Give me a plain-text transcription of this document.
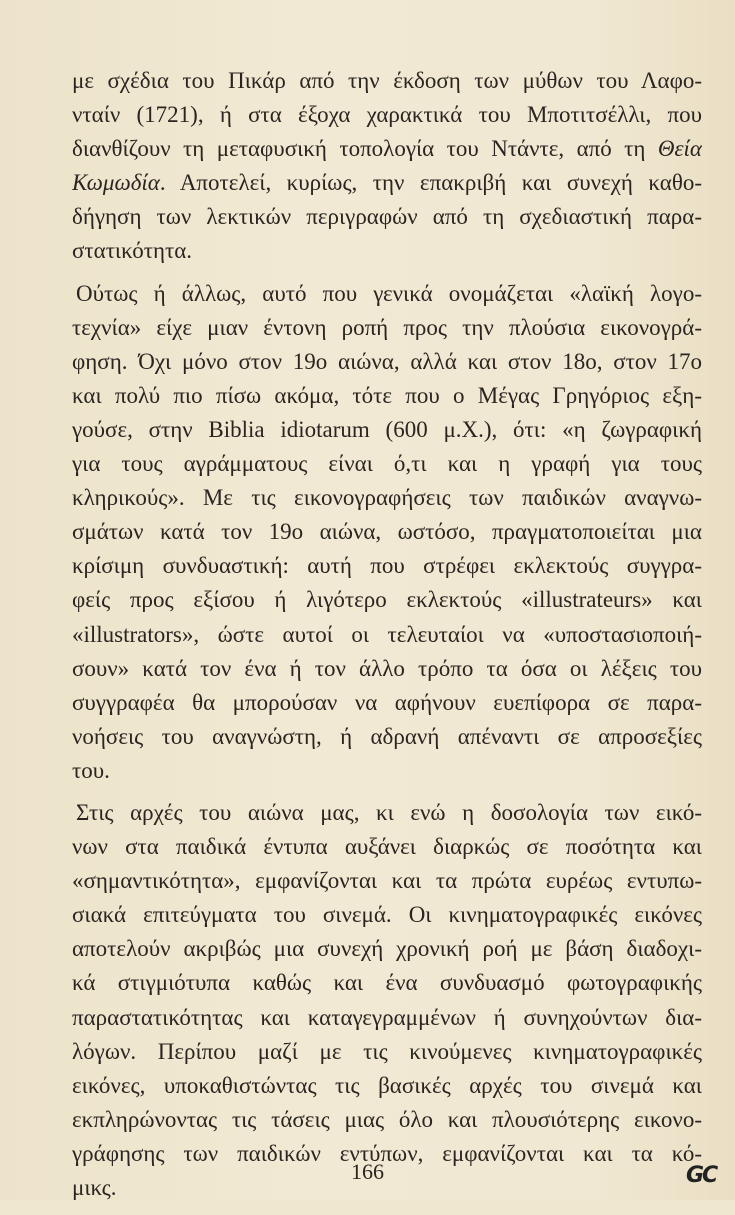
με σχέδια του Πικάρ από την έκδοση των μύθων του Λαφο-
νταίν (1721), ή στα έξοχα χαρακτικά του Μποτιτσέλλι, που
διανθίζουν τη μεταφυσική τοπολογία του Ντάντε, από τη Θεία
Κωμωδία. Αποτελεί, κυρίως, την επακριβή και συνεχή καθο-
δήγηση των λεκτικών περιγραφών από τη σχεδιαστική παρα-
στατικότητα.
Ούτως ή άλλως, αυτό που γενικά ονομάζεται «λαϊκή λογο-
τεχνία» είχε μιαν έντονη ροπή προς την πλούσια εικονογρά-
φηση. Όχι μόνο στον 19ο αιώνα, αλλά και στον 18ο, στον 17ο
και πολύ πιο πίσω ακόμα, τότε που ο Μέγας Γρηγόριος εξη-
γούσε, στην Biblia idiotarum (600 μ.Χ.), ότι: «η ζωγραφική
για τους αγράμματους είναι ό,τι και η γραφή για τους
κληρικούς». Με τις εικονογραφήσεις των παιδικών αναγνω-
σμάτων κατά τον 19ο αιώνα, ωστόσο, πραγματοποιείται μια
κρίσιμη συνδυαστική: αυτή που στρέφει εκλεκτούς συγγρα-
φείς προς εξίσου ή λιγότερο εκλεκτούς «illustrateurs» και
«illustrators», ώστε αυτοί οι τελευταίοι να «υποστασιοποιή-
σουν» κατά τον ένα ή τον άλλο τρόπο τα όσα οι λέξεις του
συγγραφέα θα μπορούσαν να αφήνουν ευεπίφορα σε παρα-
νοήσεις του αναγνώστη, ή αδρανή απέναντι σε απροσεξίες
του.
Στις αρχές του αιώνα μας, κι ενώ η δοσολογία των εικό-
νων στα παιδικά έντυπα αυξάνει διαρκώς σε ποσότητα και
«σημαντικότητα», εμφανίζονται και τα πρώτα ευρέως εντυπω-
σιακά επιτεύγματα του σινεμά. Οι κινηματογραφικές εικόνες
αποτελούν ακριβώς μια συνεχή χρονική ροή με βάση διαδοχι-
κά στιγμιότυπα καθώς και ένα συνδυασμό φωτογραφικής
παραστατικότητας και καταγεγραμμένων ή συνηχούντων δια-
λόγων. Περίπου μαζί με τις κινούμενες κινηματογραφικές
εικόνες, υποκαθιστώντας τις βασικές αρχές του σινεμά και
εκπληρώνοντας τις τάσεις μιας όλο και πλουσιότερης εικονο-
γράφησης των παιδικών εντύπων, εμφανίζονται και τα κό-
μικς.
166	GC
